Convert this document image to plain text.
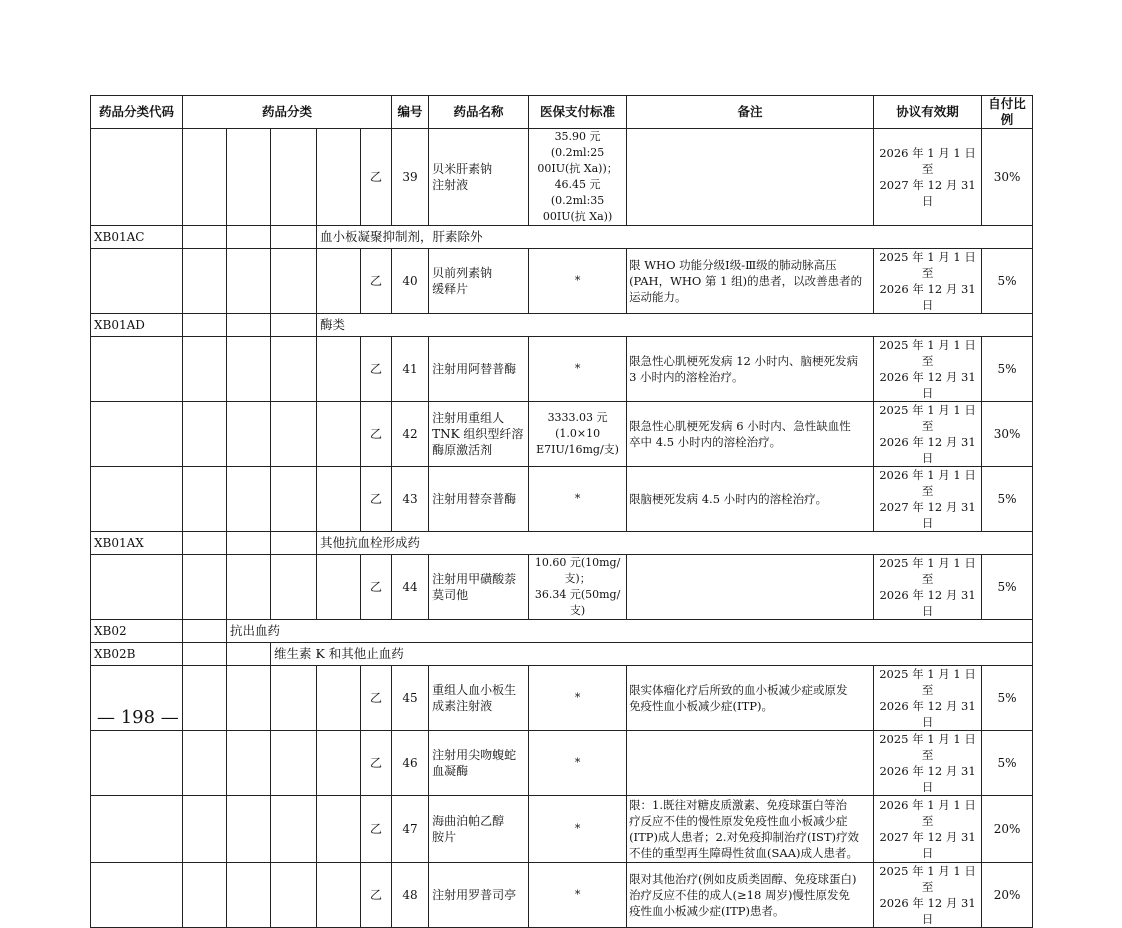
药品分类代码	药品分类					编号	药品名称	医保支付标准	备注	协议有效期	自付比例
					乙	39	贝米肝素钠
注射液	35.90 元(0.2ml:25
00IU(抗 Xa))；
46.45 元(0.2ml:35
00IU(抗 Xa))		2026 年 1 月 1 日至
2027 年 12 月 31 日	30%
XB01AC				血小板凝聚抑制剂，肝素除外							
					乙	40	贝前列素钠
缓释片	*	限 WHO 功能分级Ⅰ级-Ⅲ级的肺动脉高压
(PAH，WHO 第 1 组)的患者，以改善患者的
运动能力。	2025 年 1 月 1 日至
2026 年 12 月 31 日	5%
XB01AD				酶类							
					乙	41	注射用阿替普酶	*	限急性心肌梗死发病 12 小时内、脑梗死发病
3 小时内的溶栓治疗。	2025 年 1 月 1 日至
2026 年 12 月 31 日	5%
					乙	42	注射用重组人
TNK 组织型纤溶
酶原激活剂	3333.03 元(1.0×10
E7IU/16mg/支)	限急性心肌梗死发病 6 小时内、急性缺血性
卒中 4.5 小时内的溶栓治疗。	2025 年 1 月 1 日至
2026 年 12 月 31 日	30%
					乙	43	注射用替奈普酶	*	限脑梗死发病 4.5 小时内的溶栓治疗。	2026 年 1 月 1 日至
2027 年 12 月 31 日	5%
XB01AX				其他抗血栓形成药							
					乙	44	注射用甲磺酸萘
莫司他	10.60 元(10mg/支)；
36.34 元(50mg/支)		2025 年 1 月 1 日至
2026 年 12 月 31 日	5%
XB02		抗出血药									
XB02B			维生素 K 和其他止血药								
					乙	45	重组人血小板生
成素注射液	*	限实体瘤化疗后所致的血小板减少症或原发
免疫性血小板减少症(ITP)。	2025 年 1 月 1 日至
2026 年 12 月 31 日	5%
					乙	46	注射用尖吻蝮蛇
血凝酶	*		2025 年 1 月 1 日至
2026 年 12 月 31 日	5%
					乙	47	海曲泊帕乙醇
胺片	*	限：1.既往对糖皮质激素、免疫球蛋白等治
疗反应不佳的慢性原发免疫性血小板减少症
(ITP)成人患者；2.对免疫抑制治疗(IST)疗效
不佳的重型再生障碍性贫血(SAA)成人患者。	2026 年 1 月 1 日至
2027 年 12 月 31 日	20%
					乙	48	注射用罗普司亭	*	限对其他治疗(例如皮质类固醇、免疫球蛋白)
治疗反应不佳的成人(≥18 周岁)慢性原发免
疫性血小板减少症(ITP)患者。	2025 年 1 月 1 日至
2026 年 12 月 31 日	20%
— 198 —
